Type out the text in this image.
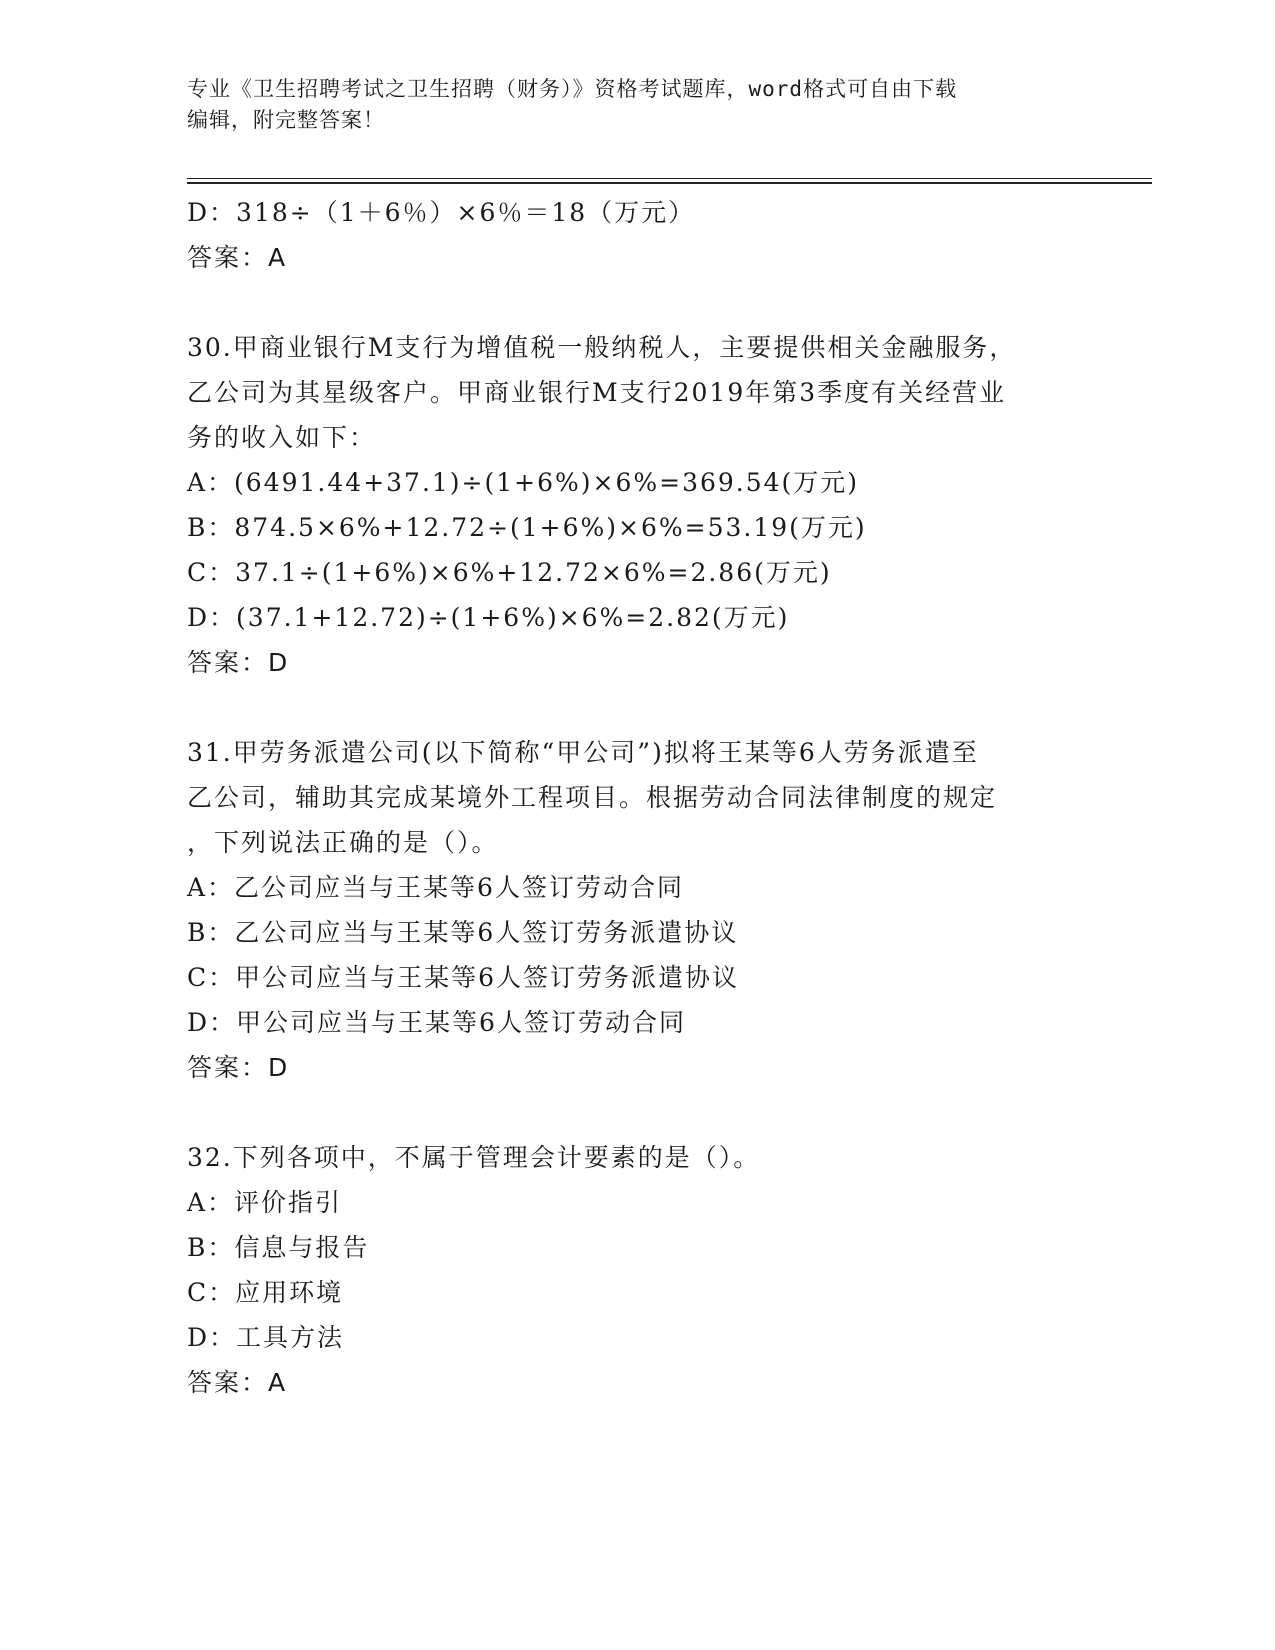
专业《卫生招聘考试之卫生招聘（财务）》资格考试题库，word格式可自由下载
编辑，附完整答案！
D：318÷（1＋6％）×6％＝18（万元）
答案：A
30.甲商业银行M支行为增值税一般纳税人，主要提供相关金融服务，
乙公司为其星级客户。甲商业银行M支行2019年第3季度有关经营业
务的收入如下：
A：(6491.44+37.1)÷(1+6%)×6%=369.54(万元)
B：874.5×6%+12.72÷(1+6%)×6%=53.19(万元)
C：37.1÷(1+6%)×6%+12.72×6%=2.86(万元)
D：(37.1+12.72)÷(1+6%)×6%=2.82(万元)
答案：D
31.甲劳务派遣公司(以下简称“甲公司”)拟将王某等6人劳务派遣至
乙公司，辅助其完成某境外工程项目。根据劳动合同法律制度的规定
，下列说法正确的是（）。
A：乙公司应当与王某等6人签订劳动合同
B：乙公司应当与王某等6人签订劳务派遣协议
C：甲公司应当与王某等6人签订劳务派遣协议
D：甲公司应当与王某等6人签订劳动合同
答案：D
32.下列各项中，不属于管理会计要素的是（）。
A：评价指引
B：信息与报告
C：应用环境
D：工具方法
答案：A
